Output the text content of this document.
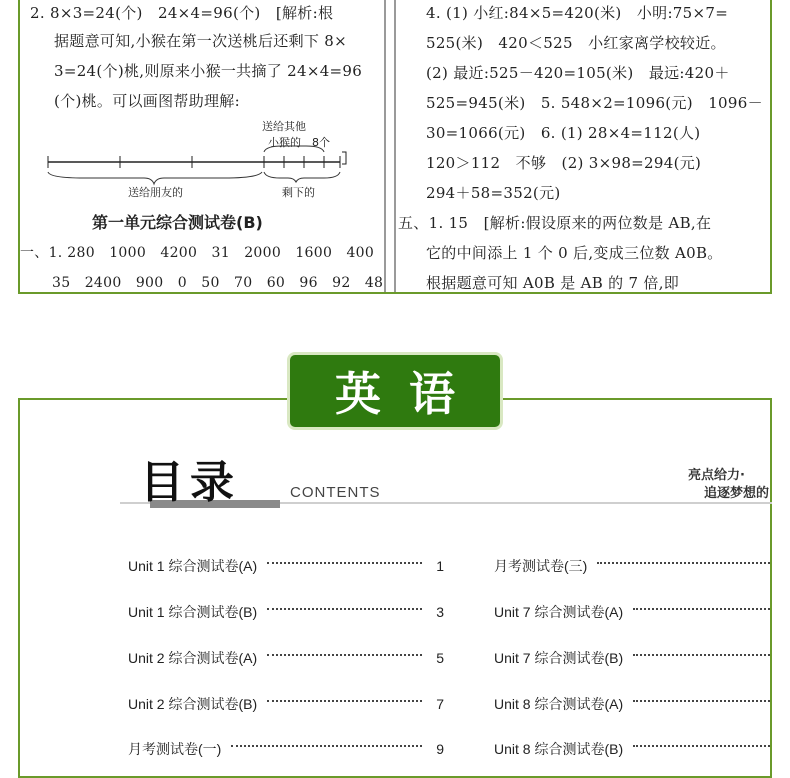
2. 8×3=24(个)　24×4=96(个)　[解析:根
据题意可知,小猴在第一次送桃后还剩下 8×
3=24(个)桃,则原来小猴一共摘了 24×4=96
(个)桃。可以画图帮助理解:
送给其他
小猴的　8个
送给朋友的	剩下的
第一单元综合测试卷(B)
一、1. 280　1000　4200　31　2000　1600　400
35　2400　900　0　50　70　60　96　92　48
4. (1) 小红:84×5=420(米)　小明:75×7=
525(米)　420＜525　小红家离学校较近。
(2) 最近:525－420=105(米)　最远:420＋
525=945(米)　5. 548×2=1096(元)　1096－
30=1066(元)　6. (1) 28×4=112(人)
120＞112　不够　(2) 3×98=294(元)
294＋58=352(元)
五、1. 15　[解析:假设原来的两位数是 AB,在
它的中间添上 1 个 0 后,变成三位数 A0B。
根据题意可知 A0B 是 AB 的 7 倍,即
英语
目录	CONTENTS
亮点给力·
追逐梦想的
Unit 1 综合测试卷(A)	1
Unit 1 综合测试卷(B)	3
Unit 2 综合测试卷(A)	5
Unit 2 综合测试卷(B)	7
月考测试卷(一)	9
月考测试卷(三)
Unit 7 综合测试卷(A)
Unit 7 综合测试卷(B)
Unit 8 综合测试卷(A)
Unit 8 综合测试卷(B)
